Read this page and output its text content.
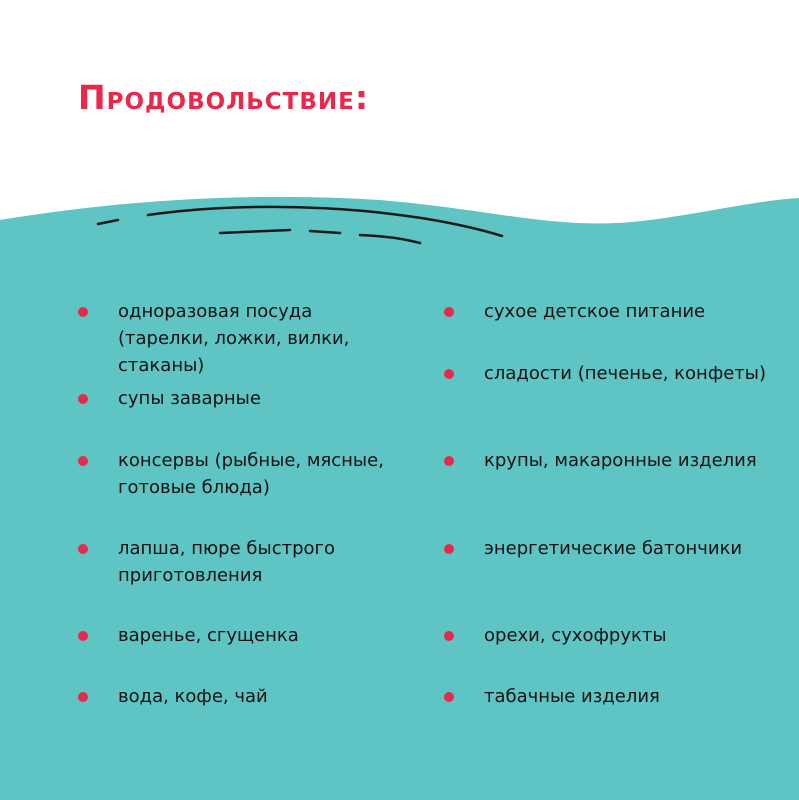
Продовольствие:
одноразовая посуда (тарелки, ложки, вилки, стаканы)
супы заварные
консервы (рыбные, мясные, готовые блюда)
лапша, пюре быстрого приготовления
варенье, сгущенка
вода, кофе, чай
сухое детское питание
сладости (печенье, конфеты)
крупы, макаронные изделия
энергетические батончики
орехи, сухофрукты
табачные изделия
